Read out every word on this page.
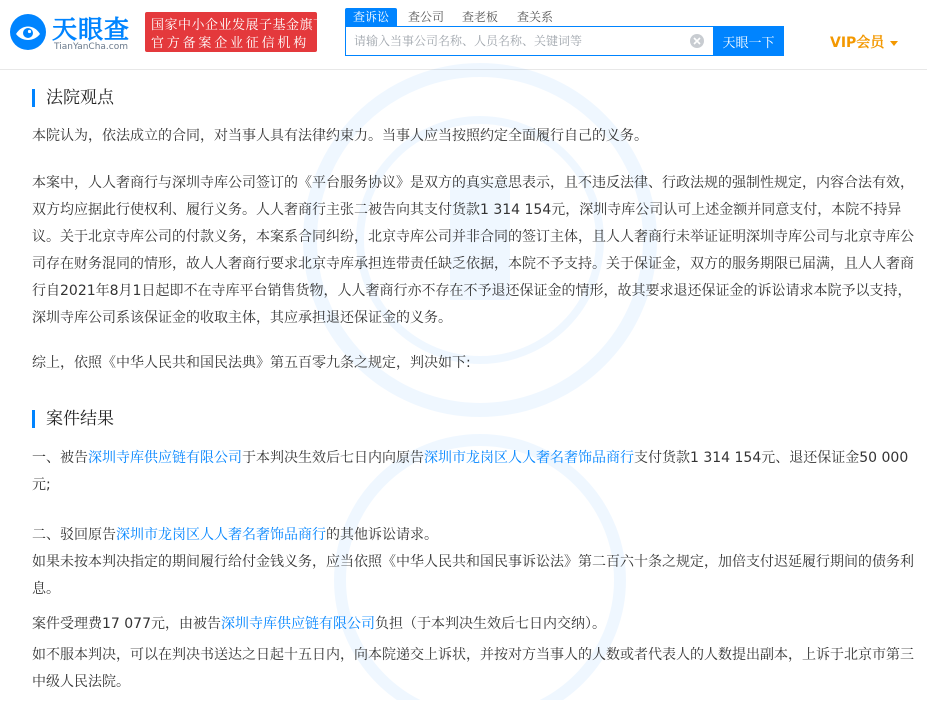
天眼查
TianYanCha.com
国家中小企业发展子基金旗下
官方备案企业征信机构
查诉讼	查公司 查老板 查关系
请输入当事公司名称、人员名称、关键词等
天眼一下	VIP会员
法院观点
本院认为，依法成立的合同，对当事人具有法律约束力。当事人应当按照约定全面履行自己的义务。
本案中，人人奢商行与深圳寺库公司签订的《平台服务协议》是双方的真实意思表示，且不违反法律、行政法规的强制性规定，内容合法有效，双方均应据此行使权利、履行义务。人人奢商行主张二被告向其支付货款1 314 154元，深圳寺库公司认可上述金额并同意支付，本院不持异议。关于北京寺库公司的付款义务，本案系合同纠纷，北京寺库公司并非合同的签订主体，且人人奢商行未举证证明深圳寺库公司与北京寺库公司存在财务混同的情形，故人人奢商行要求北京寺库承担连带责任缺乏依据，本院不予支持。关于保证金，双方的服务期限已届满，且人人奢商行自2021年8月1日起即不在寺库平台销售货物，人人奢商行亦不存在不予退还保证金的情形，故其要求退还保证金的诉讼请求本院予以支持，深圳寺库公司系该保证金的收取主体，其应承担退还保证金的义务。
综上，依照《中华人民共和国民法典》第五百零九条之规定，判决如下:
案件结果
一、被告深圳寺库供应链有限公司于本判决生效后七日内向原告深圳市龙岗区人人奢名奢饰品商行支付货款1 314 154元、退还保证金50 000元;
二、驳回原告深圳市龙岗区人人奢名奢饰品商行的其他诉讼请求。
如果未按本判决指定的期间履行给付金钱义务，应当依照《中华人民共和国民事诉讼法》第二百六十条之规定，加倍支付迟延履行期间的债务利息。
案件受理费17 077元，由被告深圳寺库供应链有限公司负担（于本判决生效后七日内交纳）。
如不服本判决，可以在判决书送达之日起十五日内，向本院递交上诉状，并按对方当事人的人数或者代表人的人数提出副本，上诉于北京市第三中级人民法院。
